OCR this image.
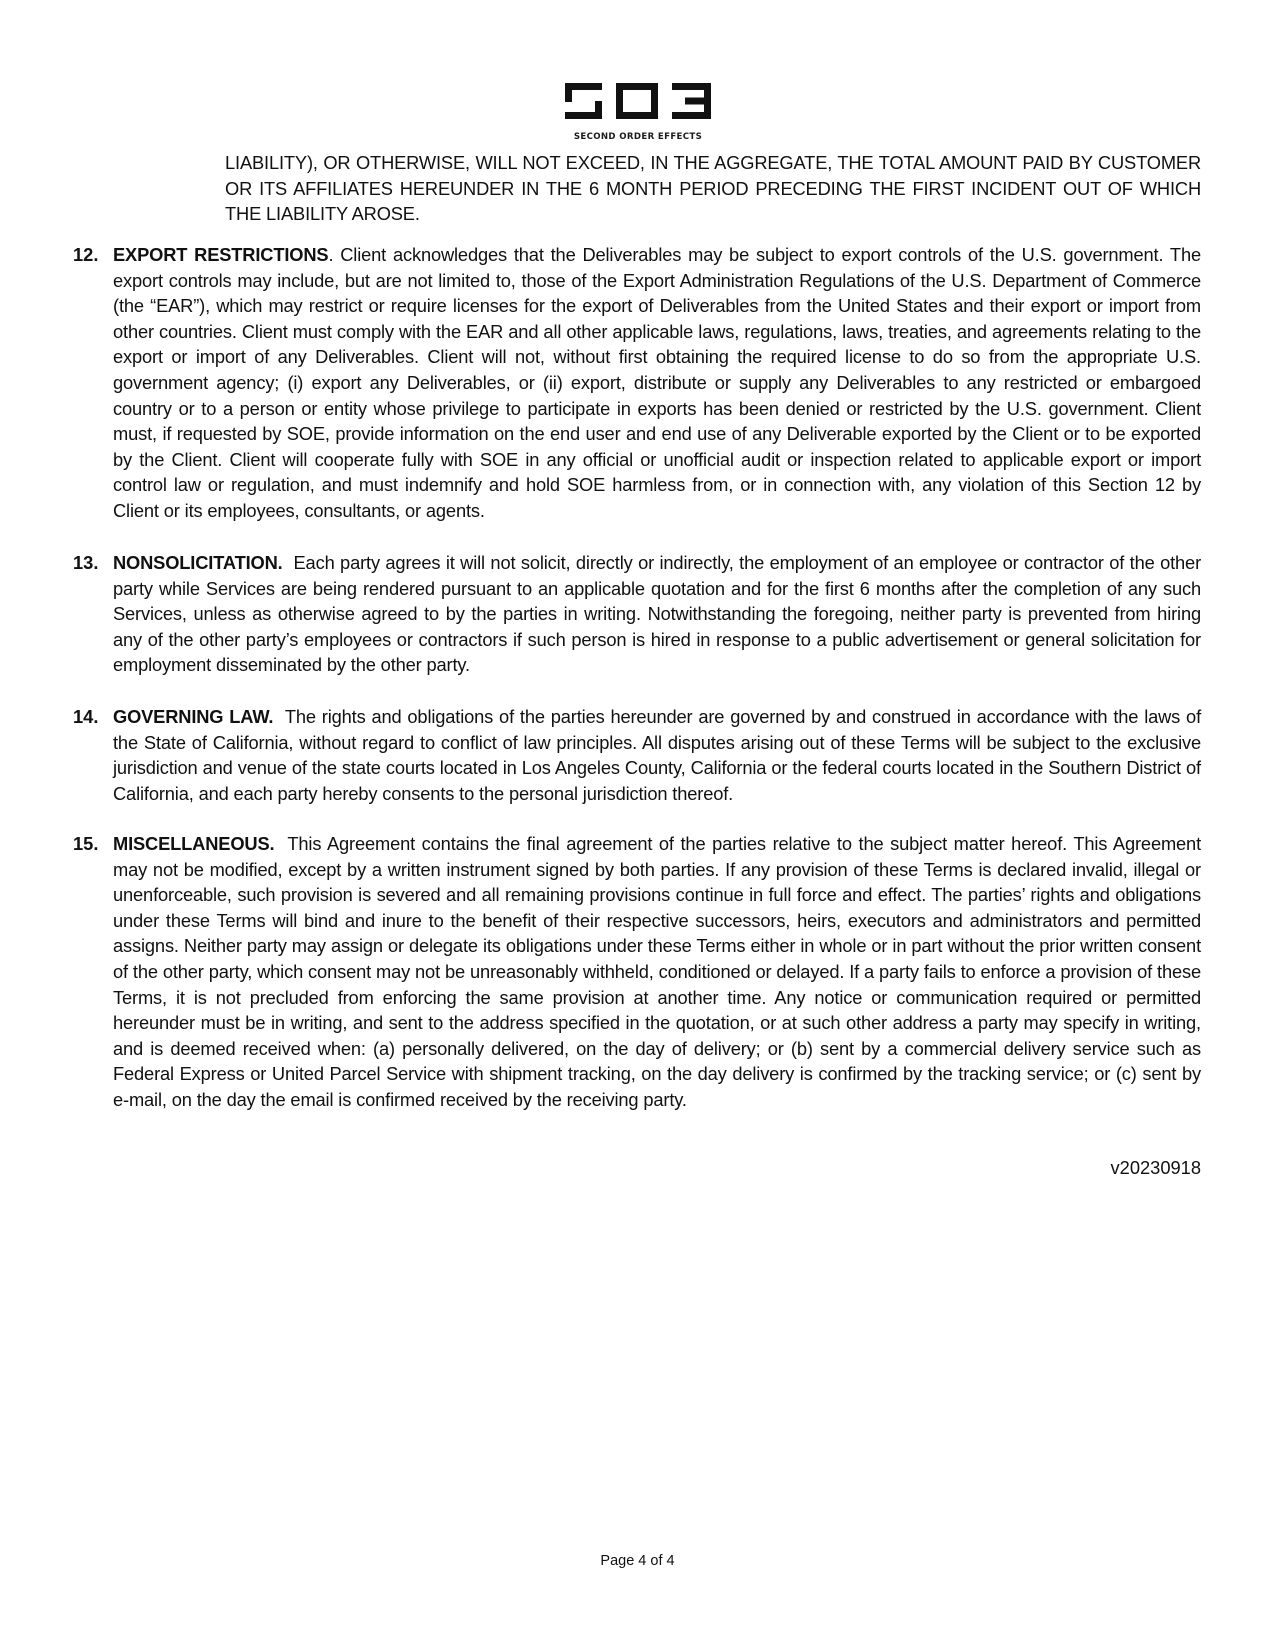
SECOND ORDER EFFECTS
LIABILITY), OR OTHERWISE, WILL NOT EXCEED, IN THE AGGREGATE, THE TOTAL AMOUNT PAID BY CUSTOMER OR ITS AFFILIATES HEREUNDER IN THE 6 MONTH PERIOD PRECEDING THE FIRST INCIDENT OUT OF WHICH THE LIABILITY AROSE.
12. EXPORT RESTRICTIONS. Client acknowledges that the Deliverables may be subject to export controls of the U.S. government. The export controls may include, but are not limited to, those of the Export Administration Regulations of the U.S. Department of Commerce (the “EAR”), which may restrict or require licenses for the export of Deliverables from the United States and their export or import from other countries. Client must comply with the EAR and all other applicable laws, regulations, laws, treaties, and agreements relating to the export or import of any Deliverables. Client will not, without first obtaining the required license to do so from the appropriate U.S. government agency; (i) export any Deliverables, or (ii) export, distribute or supply any Deliverables to any restricted or embargoed country or to a person or entity whose privilege to participate in exports has been denied or restricted by the U.S. government. Client must, if requested by SOE, provide information on the end user and end use of any Deliverable exported by the Client or to be exported by the Client. Client will cooperate fully with SOE in any official or unofficial audit or inspection related to applicable export or import control law or regulation, and must indemnify and hold SOE harmless from, or in connection with, any violation of this Section 12 by Client or its employees, consultants, or agents.
13. NONSOLICITATION. Each party agrees it will not solicit, directly or indirectly, the employment of an employee or contractor of the other party while Services are being rendered pursuant to an applicable quotation and for the first 6 months after the completion of any such Services, unless as otherwise agreed to by the parties in writing. Notwithstanding the foregoing, neither party is prevented from hiring any of the other party’s employees or contractors if such person is hired in response to a public advertisement or general solicitation for employment disseminated by the other party.
14. GOVERNING LAW. The rights and obligations of the parties hereunder are governed by and construed in accordance with the laws of the State of California, without regard to conflict of law principles. All disputes arising out of these Terms will be subject to the exclusive jurisdiction and venue of the state courts located in Los Angeles County, California or the federal courts located in the Southern District of California, and each party hereby consents to the personal jurisdiction thereof.
15. MISCELLANEOUS. This Agreement contains the final agreement of the parties relative to the subject matter hereof. This Agreement may not be modified, except by a written instrument signed by both parties. If any provision of these Terms is declared invalid, illegal or unenforceable, such provision is severed and all remaining provisions continue in full force and effect. The parties’ rights and obligations under these Terms will bind and inure to the benefit of their respective successors, heirs, executors and administrators and permitted assigns. Neither party may assign or delegate its obligations under these Terms either in whole or in part without the prior written consent of the other party, which consent may not be unreasonably withheld, conditioned or delayed. If a party fails to enforce a provision of these Terms, it is not precluded from enforcing the same provision at another time. Any notice or communication required or permitted hereunder must be in writing, and sent to the address specified in the quotation, or at such other address a party may specify in writing, and is deemed received when: (a) personally delivered, on the day of delivery; or (b) sent by a commercial delivery service such as Federal Express or United Parcel Service with shipment tracking, on the day delivery is confirmed by the tracking service; or (c) sent by e-mail, on the day the email is confirmed received by the receiving party.
v20230918
Page 4 of 4
